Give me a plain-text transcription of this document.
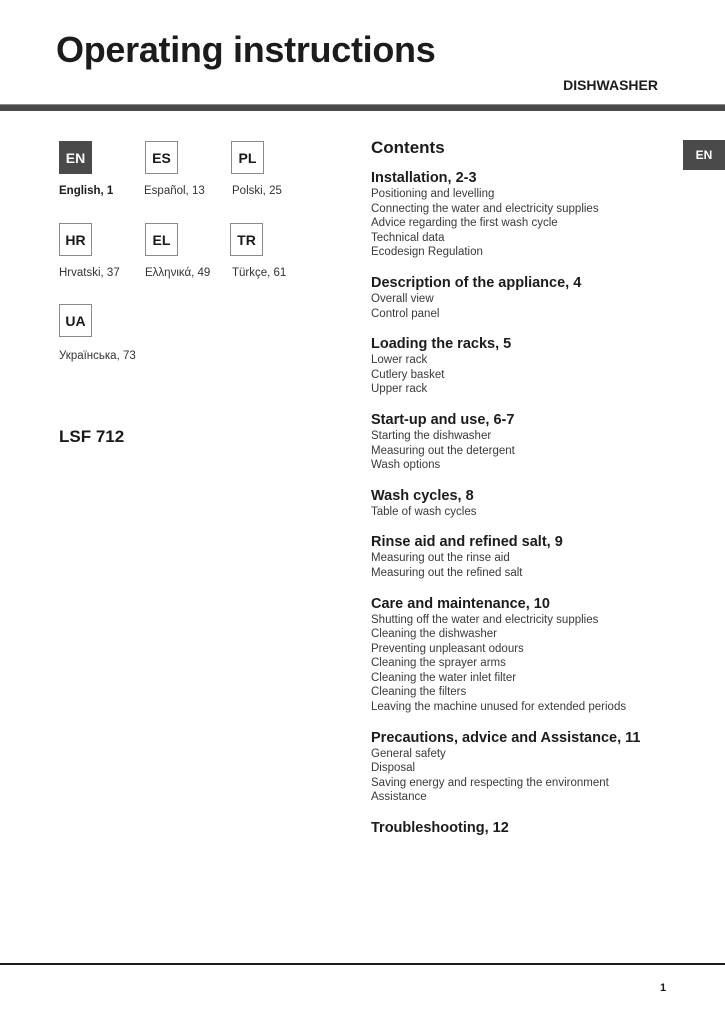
Operating instructions
DISHWASHER
EN
English, 1
ES
Español, 13
PL
Polski, 25
HR
Hrvatski, 37
EL
Ελληνικά, 49
TR
Türkçe, 61
UA
Українська, 73
LSF 712
Contents	EN
Installation, 2-3
Positioning and levelling
Connecting the water and electricity supplies
Advice regarding the first wash cycle
Technical data
Ecodesign Regulation
Description of the appliance, 4
Overall view
Control panel
Loading the racks, 5
Lower rack
Cutlery basket
Upper rack
Start-up and use, 6-7
Starting the dishwasher
Measuring out the detergent
Wash options
Wash cycles, 8
Table of wash cycles
Rinse aid and refined salt, 9
Measuring out the rinse aid
Measuring out the refined salt
Care and maintenance, 10
Shutting off the water and electricity supplies
Cleaning the dishwasher
Preventing unpleasant odours
Cleaning the sprayer arms
Cleaning the water inlet filter
Cleaning the filters
Leaving the machine unused for extended periods
Precautions, advice and Assistance, 11
General safety
Disposal
Saving energy and respecting the environment
Assistance
Troubleshooting, 12
1
